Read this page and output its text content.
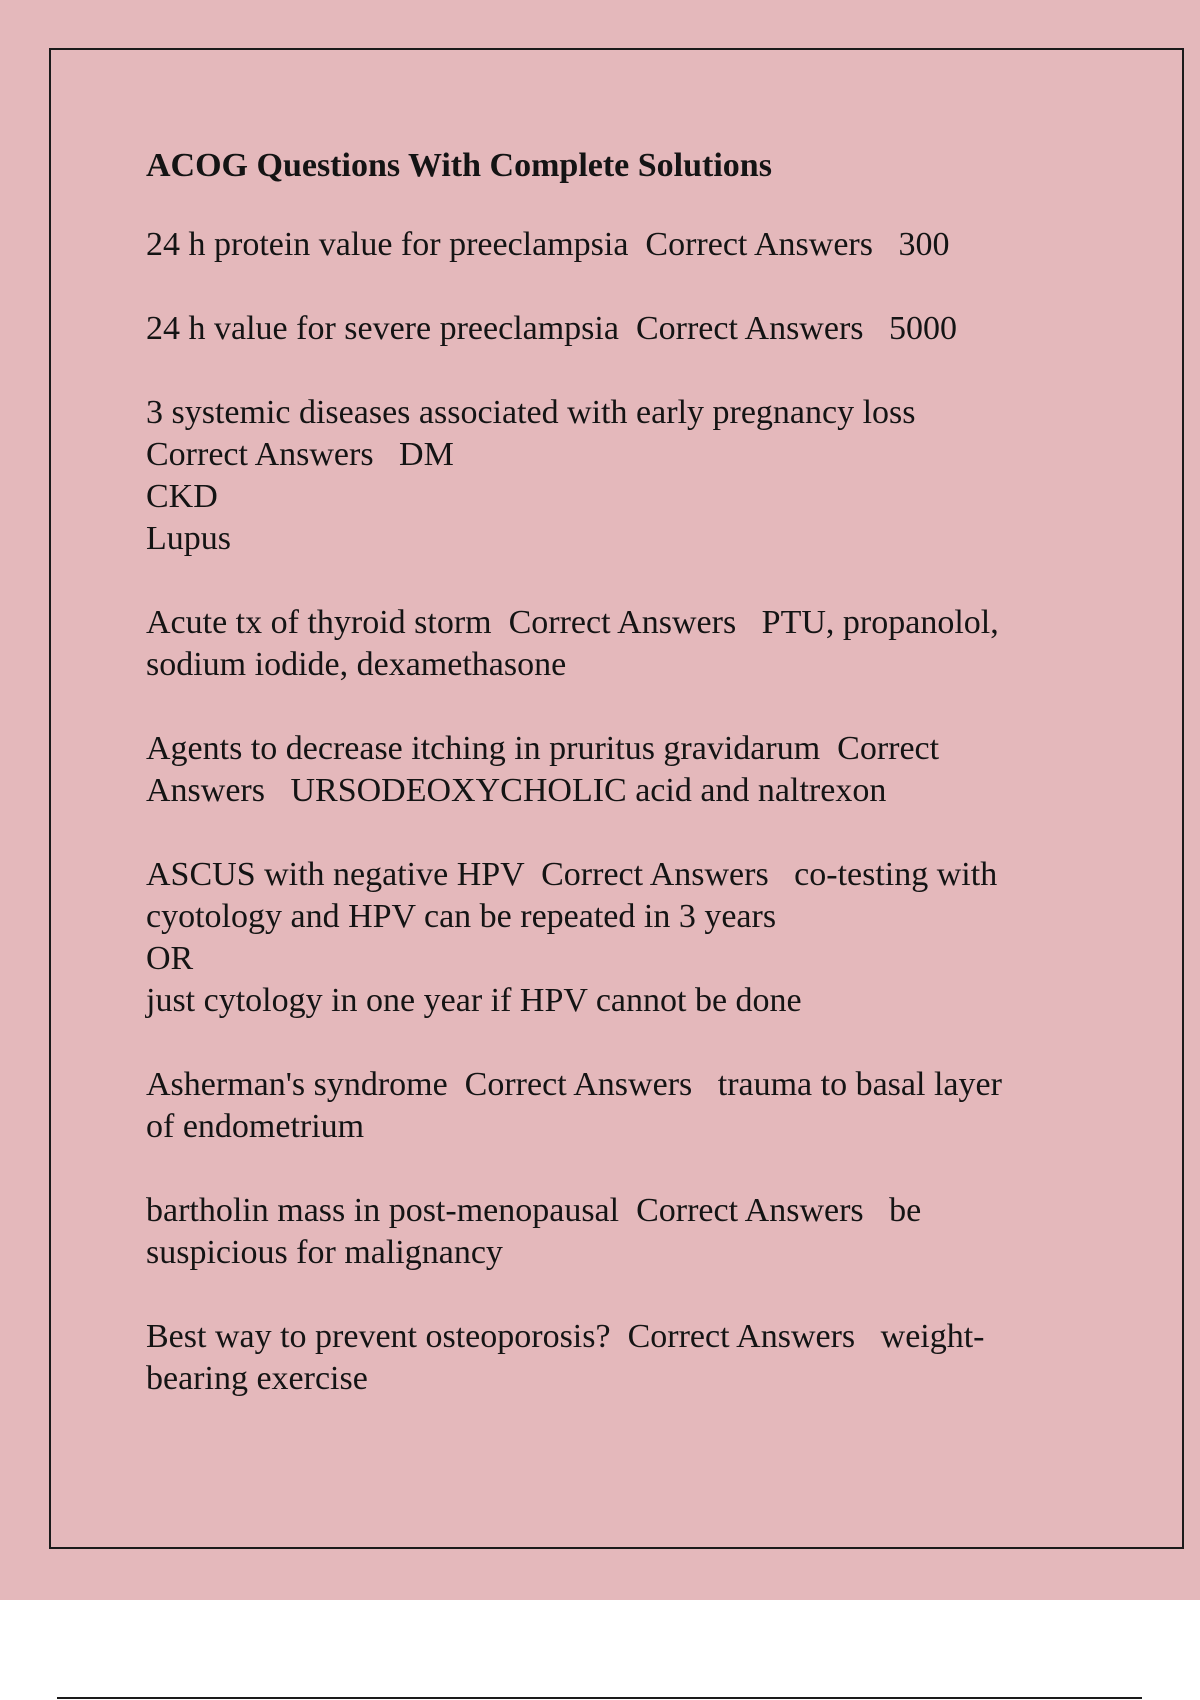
ACOG Questions With Complete Solutions
24 h protein value for preeclampsia  Correct Answers   300
24 h value for severe preeclampsia  Correct Answers   5000
3 systemic diseases associated with early pregnancy loss
Correct Answers   DM
CKD
Lupus
Acute tx of thyroid storm  Correct Answers   PTU, propanolol,
sodium iodide, dexamethasone
Agents to decrease itching in pruritus gravidarum  Correct
Answers   URSODEOXYCHOLIC acid and naltrexon
ASCUS with negative HPV  Correct Answers   co-testing with
cyotology and HPV can be repeated in 3 years
OR
just cytology in one year if HPV cannot be done
Asherman's syndrome  Correct Answers   trauma to basal layer
of endometrium
bartholin mass in post-menopausal  Correct Answers   be
suspicious for malignancy
Best way to prevent osteoporosis?  Correct Answers   weight-
bearing exercise
